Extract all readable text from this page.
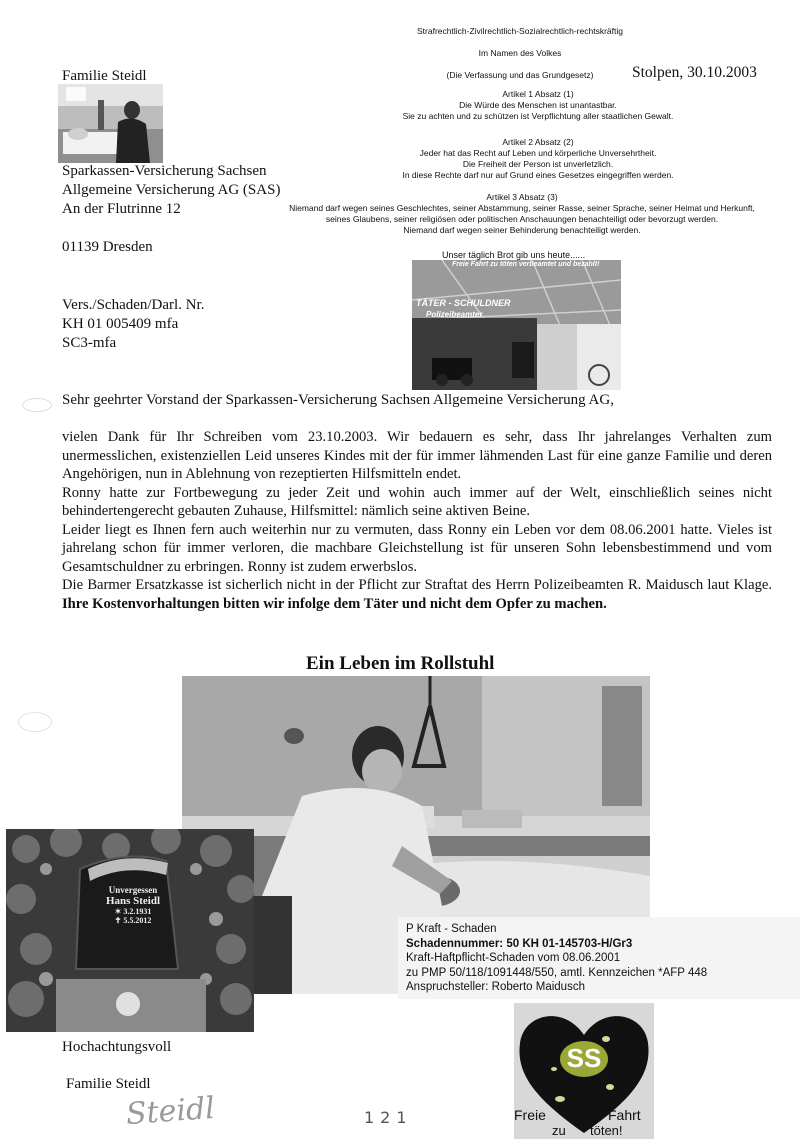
Strafrechtlich-Zivilrechtlich-Sozialrechtlich-rechtskräftig
Im Namen des Volkes
(Die Verfassung und das Grundgesetz)	Stolpen, 30.10.2003
Artikel 1 Absatz (1)
Die Würde des Menschen ist unantastbar.
Sie zu achten und zu schützen ist Verpflichtung aller staatlichen Gewalt.
Artikel 2 Absatz (2)
Jeder hat das Recht auf Leben und körperliche Unversehrtheit.
Die Freiheit der Person ist unverletzlich.
In diese Rechte darf nur auf Grund eines Gesetzes eingegriffen werden.
Artikel 3 Absatz (3)
Niemand darf wegen seines Geschlechtes, seiner Abstammung, seiner Rasse, seiner Sprache, seiner Heimat und Herkunft,
seines Glaubens, seiner religiösen oder politischen Anschauungen benachteiligt oder bevorzugt werden.
Niemand darf wegen seiner Behinderung benachteiligt werden.
Familie Steidl
Sparkassen-Versicherung Sachsen
Allgemeine Versicherung AG (SAS)
An der Flutrinne 12
01139 Dresden
Vers./Schaden/Darl. Nr.
KH 01 005409 mfa
SC3-mfa
Unser täglich Brot gib uns heute......
Freie Fahrt zu töten verbeamtet und bezahlt!
TÄTER - SCHULDNER
Polizeibeamter
Sehr geehrter Vorstand der Sparkassen-Versicherung Sachsen Allgemeine Versicherung AG,

vielen Dank für Ihr Schreiben vom 23.10.2003. Wir bedauern es sehr, dass Ihr jahrelanges Verhalten zum unermesslichen, existenziellen Leid unseres Kindes mit der für immer lähmenden Last für eine ganze Familie und deren Angehörigen, nun in Ablehnung von rezeptierten Hilfsmitteln endet.

Ronny hatte zur Fortbewegung zu jeder Zeit und wohin auch immer auf der Welt, einschließlich seines nicht behindertengerecht gebauten Zuhause, Hilfsmittel: nämlich seine aktiven Beine.

Leider liegt es Ihnen fern auch weiterhin nur zu vermuten, dass Ronny ein Leben vor dem 08.06.2001 hatte. Vieles ist jahrelang schon für immer verloren, die machbare Gleichstellung ist für unseren Sohn lebensbestimmend und vom Gesamtschuldner zu erbringen. Ronny ist zudem erwerbslos.

Die Barmer Ersatzkasse ist sicherlich nicht in der Pflicht zur Straftat des Herrn Polizeibeamten R. Maidusch laut Klage. Ihre Kostenvorhaltungen bitten wir infolge dem Täter und nicht dem Opfer zu machen.

Ein Leben im Rollstuhl
Unvergessen
Hans Steidl
✶ 3.2.1931
✝ 5.5.2012
P Kraft - Schaden
Schadennummer: 50 KH 01-145703-H/Gr3
Kraft-Haftpflicht-Schaden vom 08.06.2001
zu PMP 50/118/1091448/550, amtl. Kennzeichen *AFP 448
Anspruchsteller: Roberto Maidusch
SS
Freie	Fahrt
zu töten!
Hochachtungsvoll
Familie Steidl
Steidl	121
